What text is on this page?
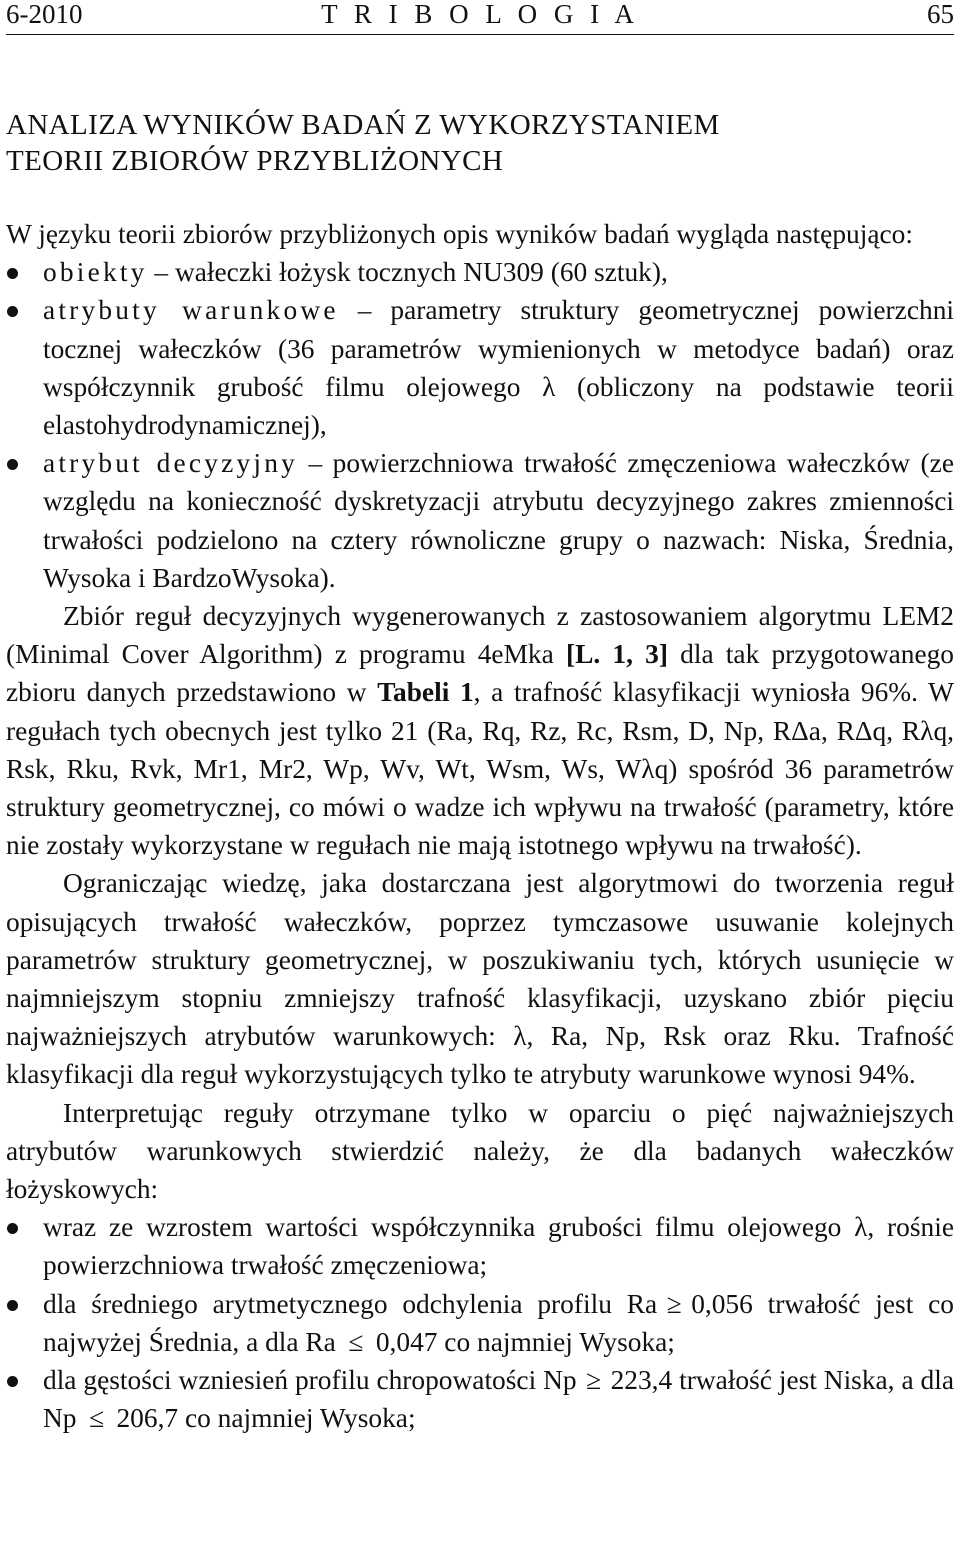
6-2010	T R I B O L O G I A	65
ANALIZA WYNIKÓW BADAŃ Z WYKORZYSTANIEM
TEORII ZBIORÓW PRZYBLIŻONYCH

W języku teorii zbiorów przybliżonych opis wyników badań wygląda następująco:

obiekty – wałeczki łożysk tocznych NU309 (60 sztuk),

atrybuty warunkowe – parametry struktury geometrycznej powierzchni tocznej wałeczków (36 parametrów wymienionych w metodyce badań) oraz współczynnik grubość filmu olejowego λ (obliczony na podstawie teorii elastohydrodynamicznej),

atrybut decyzyjny – powierzchniowa trwałość zmęczeniowa wałeczków (ze względu na konieczność dyskretyzacji atrybutu decyzyjnego zakres zmienności trwałości podzielono na cztery równoliczne grupy o nazwach: Niska, Średnia, Wysoka i BardzoWysoka).

Zbiór reguł decyzyjnych wygenerowanych z zastosowaniem algorytmu LEM2 (Minimal Cover Algorithm) z programu 4eMka [L. 1, 3] dla tak przygotowanego zbioru danych przedstawiono w Tabeli 1, a trafność klasyfikacji wyniosła 96%. W regułach tych obecnych jest tylko 21 (Ra, Rq, Rz, Rc, Rsm, D, Np, RΔa, RΔq, Rλq, Rsk, Rku, Rvk, Mr1, Mr2, Wp, Wv, Wt, Wsm, Ws, Wλq) spośród 36 parametrów struktury geometrycznej, co mówi o wadze ich wpływu na trwałość (parametry, które nie zostały wykorzystane w regułach nie mają istotnego wpływu na trwałość).

Ograniczając wiedzę, jaka dostarczana jest algorytmowi do tworzenia reguł opisujących trwałość wałeczków, poprzez tymczasowe usuwanie kolejnych parametrów struktury geometrycznej, w poszukiwaniu tych, których usunięcie w najmniejszym stopniu zmniejszy trafność klasyfikacji, uzyskano zbiór pięciu najważniejszych atrybutów warunkowych: λ, Ra, Np, Rsk oraz Rku. Trafność klasyfikacji dla reguł wykorzystujących tylko te atrybuty warunkowe wynosi 94%.

Interpretując reguły otrzymane tylko w oparciu o pięć najważniejszych atrybutów warunkowych stwierdzić należy, że dla badanych wałeczków łożyskowych:

wraz ze wzrostem wartości współczynnika grubości filmu olejowego λ, rośnie powierzchniowa trwałość zmęczeniowa;

dla średniego arytmetycznego odchylenia profilu Ra ≥ 0,056 trwałość jest co najwyżej Średnia, a dla Ra ≤ 0,047 co najmniej Wysoka;

dla gęstości wzniesień profilu chropowatości Np ≥ 223,4 trwałość jest Niska, a dla Np ≤ 206,7 co najmniej Wysoka;
